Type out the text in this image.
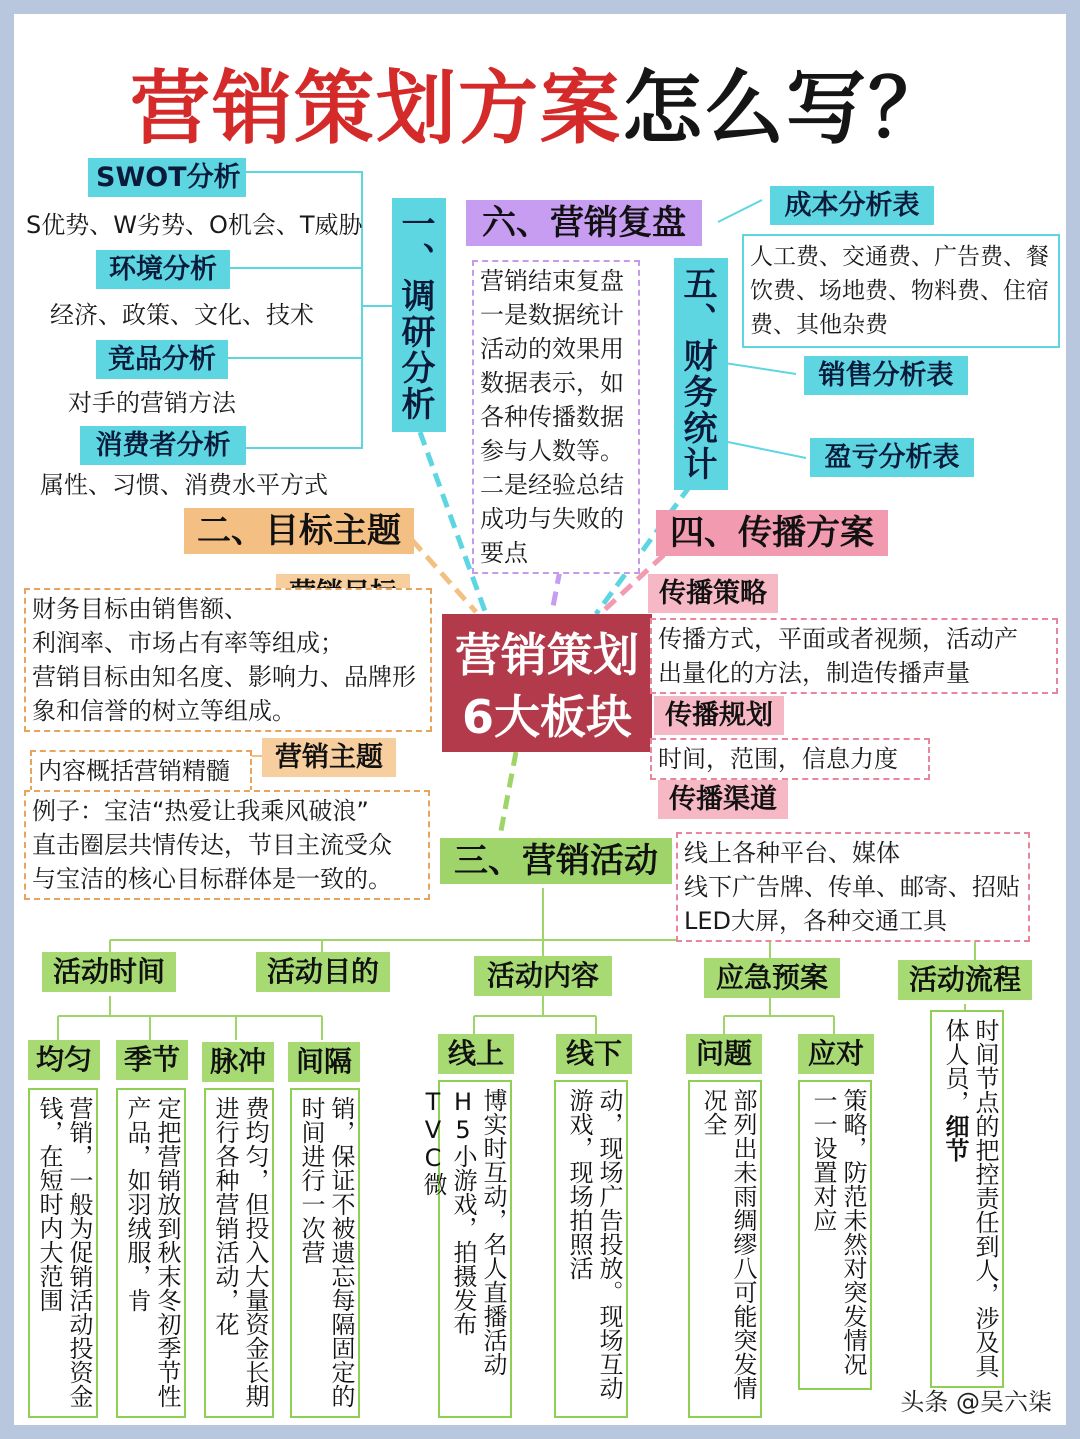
营销策划方案怎么写？
一、调研分析
SWOT分析
S优势、W劣势、O机会、T威胁
环境分析
经济、政策、文化、技术
竞品分析
对手的营销方法
消费者分析
属性、习惯、消费水平方式
六、营销复盘
营销结束复盘
一是数据统计
活动的效果用
数据表示，如
各种传播数据
参与人数等。
二是经验总结
成功与失败的
要点
五、财务统计
成本分析表
人工费、交通费、广告费、餐
饮费、场地费、物料费、住宿
费、其他杂费
销售分析表
盈亏分析表
二、目标主题
财务目标由销售额、
利润率、市场占有率等组成；
营销目标由知名度、影响力、品牌形
象和信誉的树立等组成。
内容概括营销精髓	营销主题
例子：宝洁“热爱让我乘风破浪”
直击圈层共情传达，节目主流受众
与宝洁的核心目标群体是一致的。
营销策划
6大板块
四、传播方案
传播策略
传播方式，平面或者视频，活动产
出量化的方法，制造传播声量
传播规划
时间，范围，信息力度
传播渠道
线上各种平台、媒体
线下广告牌、传单、邮寄、招贴
LED大屏，各种交通工具
三、营销活动
活动时间	活动目的	活动内容	应急预案	活动流程
均匀 季节 脉冲 间隔	线上	线下	问题	应对
营销，一般为促销活动投资金钱，在短时内大范围	定把营销放到秋末冬初季节性产品，如羽绒服，肯	费均匀，但投入大量资金长期进行各种营销活动，花	销，保证不被遗忘每隔固定的时间进行一次营	博实时互动，名人直播活动H5小游戏，拍摄发布TVC微	动，现场广告投放。现场互动游戏，现场拍照活	部列出未雨绸缪八可能突发情况全	策略，防范未然对突发情况一一设置对应	时间节点的把控责任到人，涉及具体人员，细节
头条 @吴六柒
